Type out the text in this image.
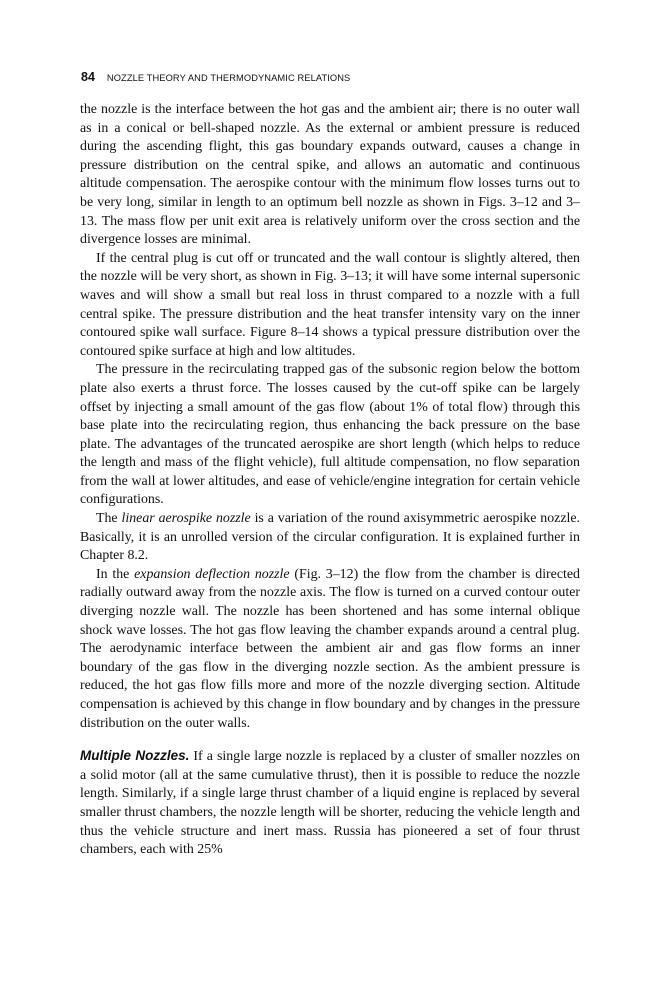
84 NOZZLE THEORY AND THERMODYNAMIC RELATIONS

the nozzle is the interface between the hot gas and the ambient air; there is no outer wall as in a conical or bell-shaped nozzle. As the external or ambient pressure is reduced during the ascending flight, this gas boundary expands outward, causes a change in pressure distribution on the central spike, and allows an automatic and continuous altitude compensation. The aerospike contour with the minimum flow losses turns out to be very long, similar in length to an optimum bell nozzle as shown in Figs. 3–12 and 3–13. The mass flow per unit exit area is relatively uniform over the cross section and the divergence losses are minimal.

If the central plug is cut off or truncated and the wall contour is slightly altered, then the nozzle will be very short, as shown in Fig. 3–13; it will have some internal supersonic waves and will show a small but real loss in thrust compared to a nozzle with a full central spike. The pressure distribution and the heat transfer intensity vary on the inner contoured spike wall surface. Figure 8–14 shows a typical pressure distribution over the contoured spike surface at high and low altitudes.

The pressure in the recirculating trapped gas of the subsonic region below the bottom plate also exerts a thrust force. The losses caused by the cut-off spike can be largely offset by injecting a small amount of the gas flow (about 1% of total flow) through this base plate into the recirculating region, thus enhancing the back pressure on the base plate. The advantages of the truncated aerospike are short length (which helps to reduce the length and mass of the flight vehicle), full altitude compensation, no flow separation from the wall at lower altitudes, and ease of vehicle/engine integration for certain vehicle configurations.

The linear aerospike nozzle is a variation of the round axisymmetric aerospike nozzle. Basically, it is an unrolled version of the circular configuration. It is explained further in Chapter 8.2.

In the expansion deflection nozzle (Fig. 3–12) the flow from the chamber is directed radially outward away from the nozzle axis. The flow is turned on a curved contour outer diverging nozzle wall. The nozzle has been shortened and has some internal oblique shock wave losses. The hot gas flow leaving the chamber expands around a central plug. The aerodynamic interface between the ambient air and gas flow forms an inner boundary of the gas flow in the diverging nozzle section. As the ambient pressure is reduced, the hot gas flow fills more and more of the nozzle diverging section. Altitude compensation is achieved by this change in flow boundary and by changes in the pressure distribution on the outer walls.

Multiple Nozzles. If a single large nozzle is replaced by a cluster of smaller nozzles on a solid motor (all at the same cumulative thrust), then it is possible to reduce the nozzle length. Similarly, if a single large thrust chamber of a liquid engine is replaced by several smaller thrust chambers, the nozzle length will be shorter, reducing the vehicle length and thus the vehicle structure and inert mass. Russia has pioneered a set of four thrust chambers, each with 25%
